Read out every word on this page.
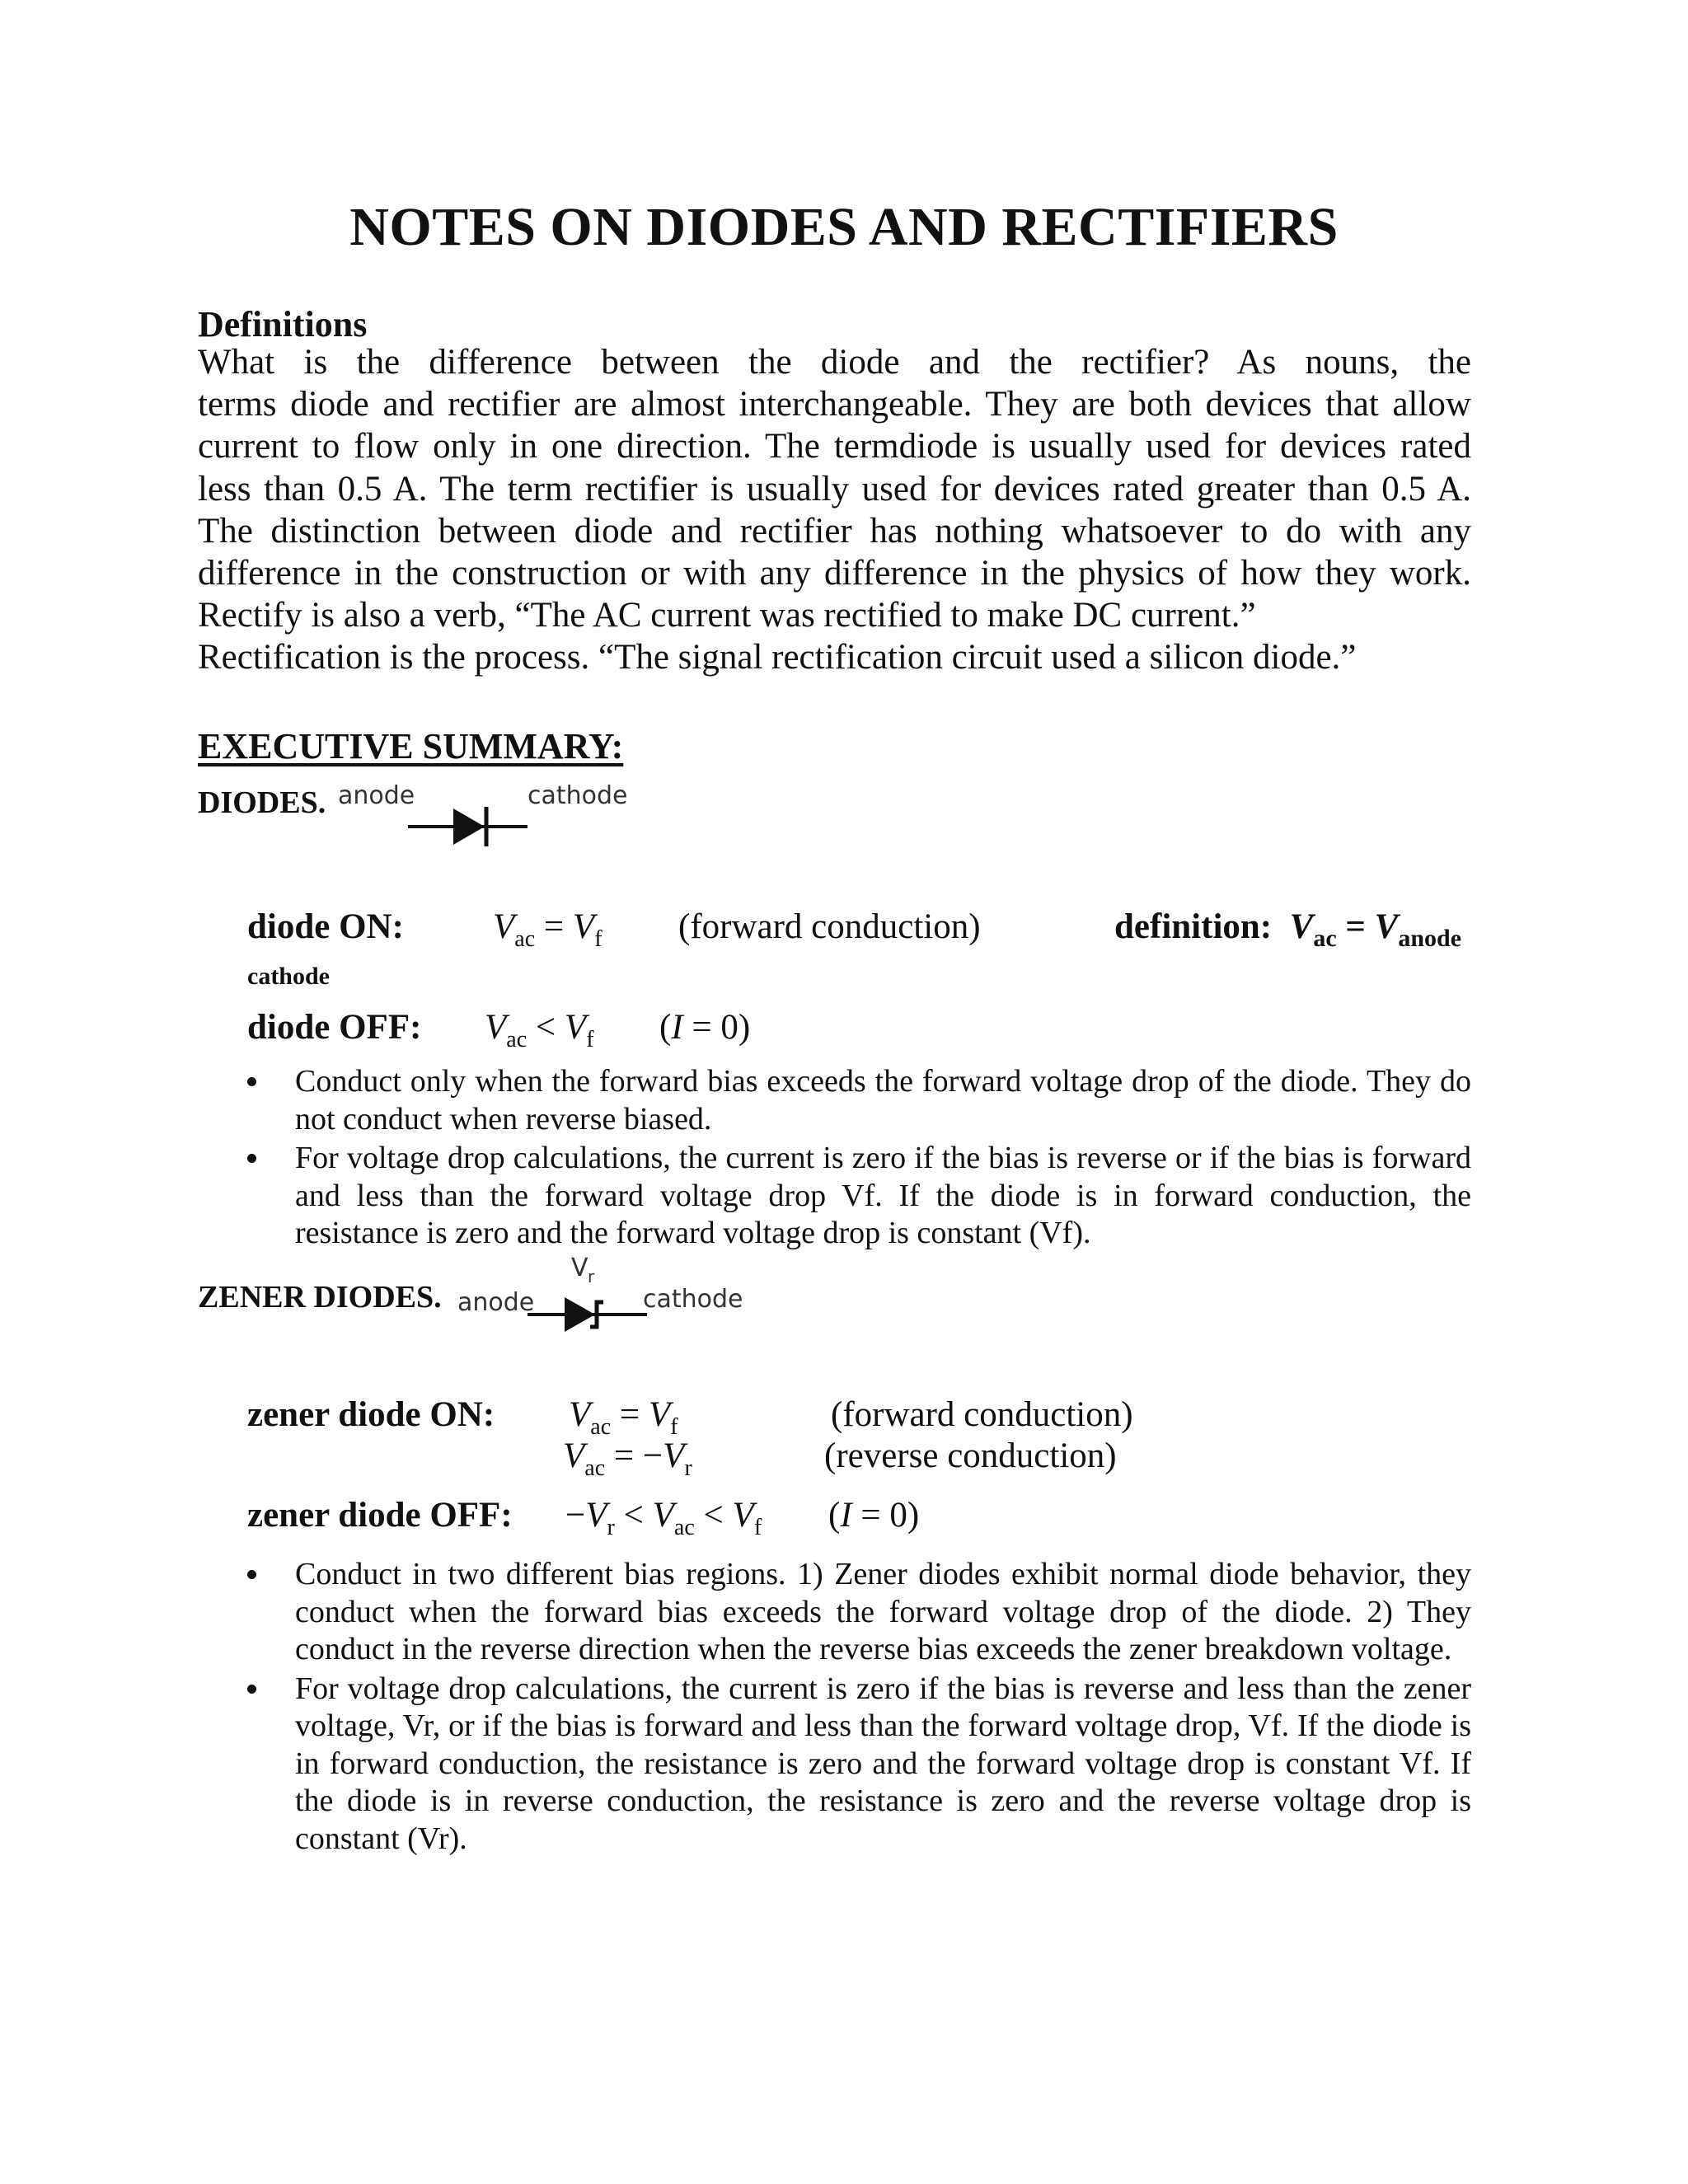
NOTES ON DIODES AND RECTIFIERS
Definitions
What is the difference between the diode and the rectifier? As nouns, the
terms diode and rectifier are almost interchangeable. They are both devices that allow
current to flow only in one direction. The termdiode is usually used for devices rated
less than 0.5 A. The term rectifier is usually used for devices rated greater than 0.5 A.
The distinction between diode and rectifier has nothing whatsoever to do with any
difference in the construction or with any difference in the physics of how they work.
Rectify is also a verb, “The AC current was rectified to make DC current.”
Rectification is the process. “The signal rectification circuit used a silicon diode.”
EXECUTIVE SUMMARY:
DIODES. anode	cathode
diode ON:	$V_{ac} = V_f$ (forward conduction)	definition: $V_{ac} = V_{anode}$
cathode
diode OFF: $V_{ac} < V_f$ (I = 0)
Conduct only when the forward bias exceeds the forward voltage drop of the diode. They do not conduct when reverse biased.
For voltage drop calculations, the current is zero if the bias is reverse or if the bias is forward and less than the forward voltage drop Vf. If the diode is in forward conduction, the resistance is zero and the forward voltage drop is constant (Vf).
ZENER DIODES.
V r
anode	cathode
zener diode ON: $V_{ac} = V_f$	(forward conduction)
$V_{ac} = -V_r$	(reverse conduction)
zener diode OFF: $-V_r < V_{ac} < V_f$ (I = 0)
Conduct in two different bias regions. 1) Zener diodes exhibit normal diode behavior, they conduct when the forward bias exceeds the forward voltage drop of the diode. 2) They conduct in the reverse direction when the reverse bias exceeds the zener breakdown voltage.
For voltage drop calculations, the current is zero if the bias is reverse and less than the zener voltage, Vr, or if the bias is forward and less than the forward voltage drop, Vf. If the diode is in forward conduction, the resistance is zero and the forward voltage drop is constant Vf. If the diode is in reverse conduction, the resistance is zero and the reverse voltage drop is constant (Vr).
